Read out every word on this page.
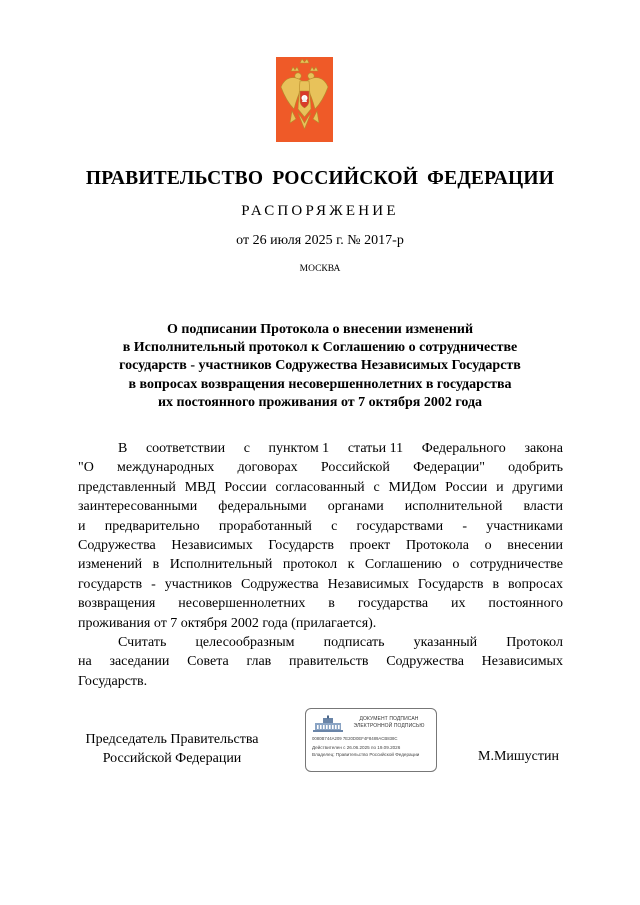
ПРАВИТЕЛЬСТВО РОССИЙСКОЙ ФЕДЕРАЦИИ
РАСПОРЯЖЕНИЕ
от 26 июля 2025 г. № 2017-р
МОСКВА
О подписании Протокола о внесении изменений
в Исполнительный протокол к Соглашению о сотрудничестве
государств - участников Содружества Независимых Государств
в вопросах возвращения несовершеннолетних в государства
их постоянного проживания от 7 октября 2002 года
В соответствии с пунктом 1 статьи 11 Федерального закона
"О международных договорах Российской Федерации" одобрить
представленный МВД России согласованный с МИДом России и другими
заинтересованными федеральными органами исполнительной власти
и предварительно проработанный с государствами - участниками
Содружества Независимых Государств проект Протокола о внесении
изменений в Исполнительный протокол к Соглашению о сотрудничестве
государств - участников Содружества Независимых Государств в вопросах
возвращения несовершеннолетних в государства их постоянного
проживания от 7 октября 2002 года (прилагается).
Считать целесообразным подписать указанный Протокол
на заседании Совета глав правительств Содружества Независимых
Государств.
Председатель Правительства
Российской Федерации
ДОКУМЕНТ ПОДПИСАН
ЭЛЕКТРОННОЙ ПОДПИСЬЮ
0080B744A209 7E20D0EF4F8489ACB838C
Действителен с 26.06.2025 по 19.09.2026
Владелец: Правительство Российской Федерации	М.Мишустин
